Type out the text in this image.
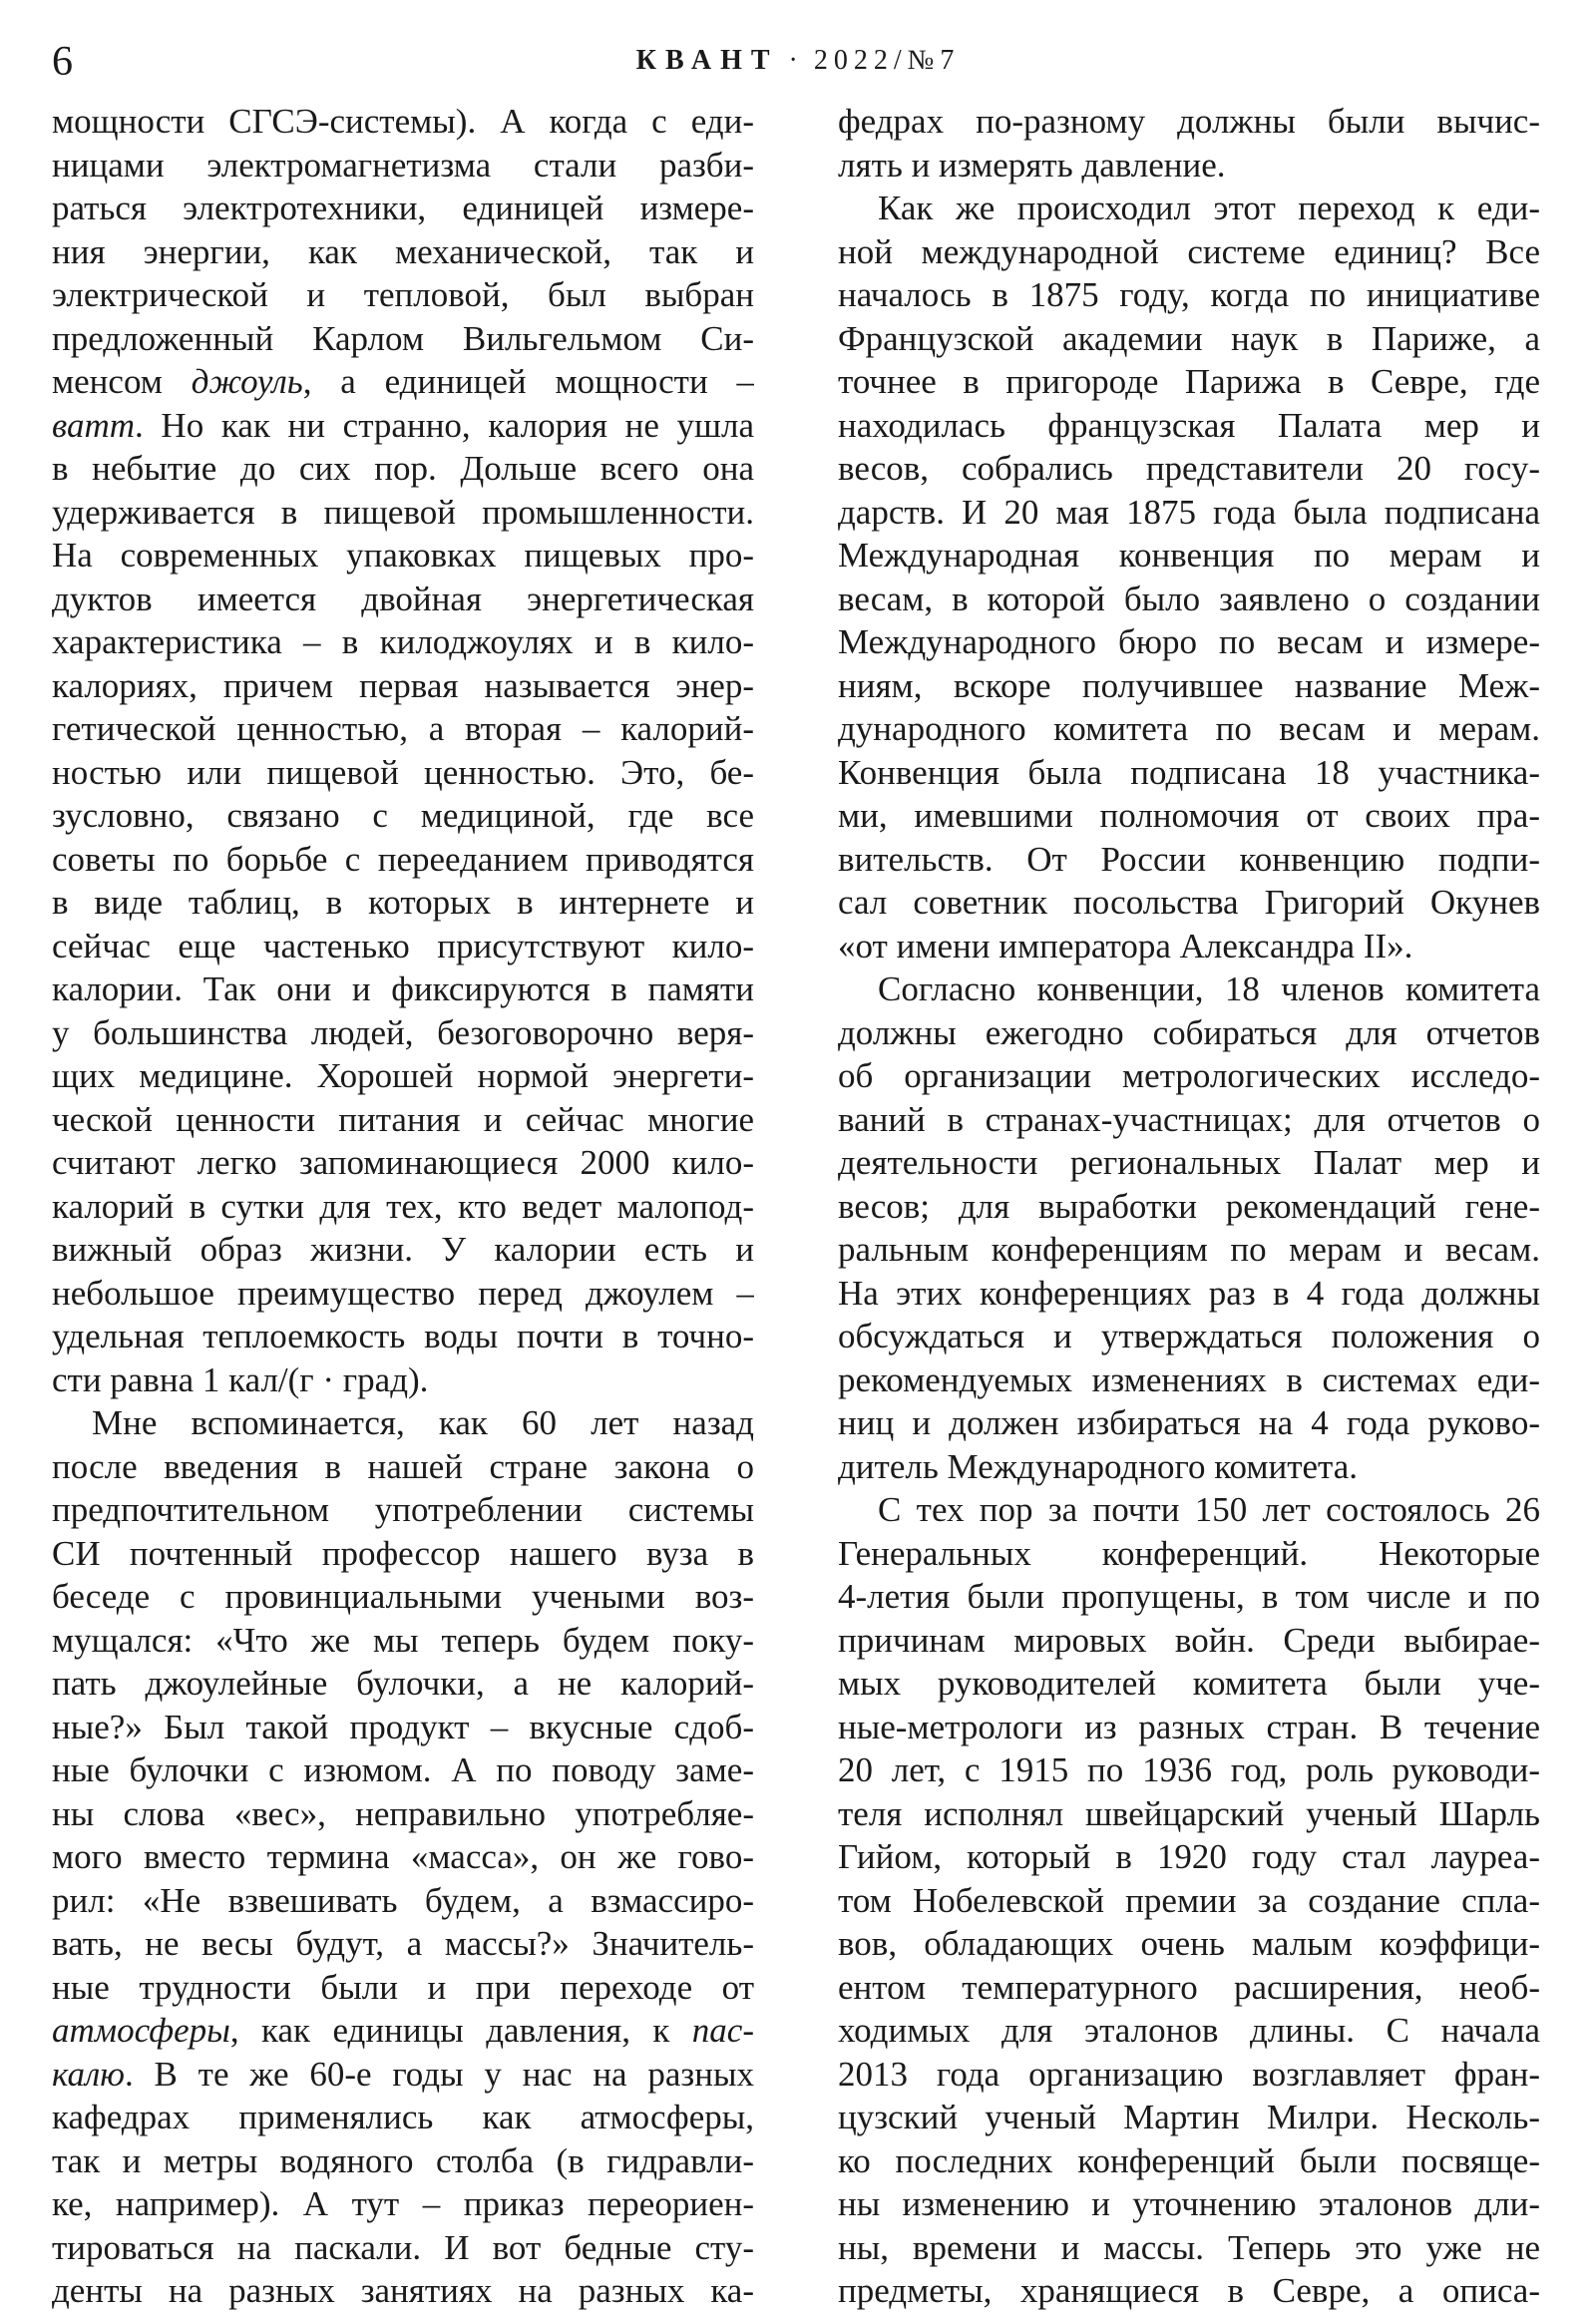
6	КВАНТ · 2022/№7
мощности СГСЭ-системы). А когда с еди-
ницами электромагнетизма стали разби-
раться электротехники, единицей измере-
ния энергии, как механической, так и
электрической и тепловой, был выбран
предложенный Карлом Вильгельмом Си-
менсом джоуль, а единицей мощности –
ватт. Но как ни странно, калория не ушла
в небытие до сих пор. Дольше всего она
удерживается в пищевой промышленности.
На современных упаковках пищевых про-
дуктов имеется двойная энергетическая
характеристика – в килоджоулях и в кило-
калориях, причем первая называется энер-
гетической ценностью, а вторая – калорий-
ностью или пищевой ценностью. Это, бе-
зусловно, связано с медициной, где все
советы по борьбе с перееданием приводятся
в виде таблиц, в которых в интернете и
сейчас еще частенько присутствуют кило-
калории. Так они и фиксируются в памяти
у большинства людей, безоговорочно веря-
щих медицине. Хорошей нормой энергети-
ческой ценности питания и сейчас многие
считают легко запоминающиеся 2000 кило-
калорий в сутки для тех, кто ведет малопод-
вижный образ жизни. У калории есть и
небольшое преимущество перед джоулем –
удельная теплоемкость воды почти в точно-
сти равна 1 кал/(г · град).
Мне вспоминается, как 60 лет назад
после введения в нашей стране закона о
предпочтительном употреблении системы
СИ почтенный профессор нашего вуза в
беседе с провинциальными учеными воз-
мущался: «Что же мы теперь будем поку-
пать джоулейные булочки, а не калорий-
ные?» Был такой продукт – вкусные сдоб-
ные булочки с изюмом. А по поводу заме-
ны слова «вес», неправильно употребляе-
мого вместо термина «масса», он же гово-
рил: «Не взвешивать будем, а взмассиро-
вать, не весы будут, а массы?» Значитель-
ные трудности были и при переходе от
атмосферы, как единицы давления, к пас-
калю. В те же 60-е годы у нас на разных
кафедрах применялись как атмосферы,
так и метры водяного столба (в гидравли-
ке, например). А тут – приказ переориен-
тироваться на паскали. И вот бедные сту-
денты на разных занятиях на разных ка-
федрах по-разному должны были вычис-
лять и измерять давление.
Как же происходил этот переход к еди-
ной международной системе единиц? Все
началось в 1875 году, когда по инициативе
Французской академии наук в Париже, а
точнее в пригороде Парижа в Севре, где
находилась французская Палата мер и
весов, собрались представители 20 госу-
дарств. И 20 мая 1875 года была подписана
Международная конвенция по мерам и
весам, в которой было заявлено о создании
Международного бюро по весам и измере-
ниям, вскоре получившее название Меж-
дународного комитета по весам и мерам.
Конвенция была подписана 18 участника-
ми, имевшими полномочия от своих пра-
вительств. От России конвенцию подпи-
сал советник посольства Григорий Окунев
«от имени императора Александра II».
Согласно конвенции, 18 членов комитета
должны ежегодно собираться для отчетов
об организации метрологических исследо-
ваний в странах-участницах; для отчетов о
деятельности региональных Палат мер и
весов; для выработки рекомендаций гене-
ральным конференциям по мерам и весам.
На этих конференциях раз в 4 года должны
обсуждаться и утверждаться положения о
рекомендуемых изменениях в системах еди-
ниц и должен избираться на 4 года руково-
дитель Международного комитета.
С тех пор за почти 150 лет состоялось 26
Генеральных конференций. Некоторые
4-летия были пропущены, в том числе и по
причинам мировых войн. Среди выбирае-
мых руководителей комитета были уче-
ные-метрологи из разных стран. В течение
20 лет, с 1915 по 1936 год, роль руководи-
теля исполнял швейцарский ученый Шарль
Гийом, который в 1920 году стал лауреа-
том Нобелевской премии за создание спла-
вов, обладающих очень малым коэффици-
ентом температурного расширения, необ-
ходимых для эталонов длины. С начала
2013 года организацию возглавляет фран-
цузский ученый Мартин Милри. Несколь-
ко последних конференций были посвяще-
ны изменению и уточнению эталонов дли-
ны, времени и массы. Теперь это уже не
предметы, хранящиеся в Севре, а описа-
